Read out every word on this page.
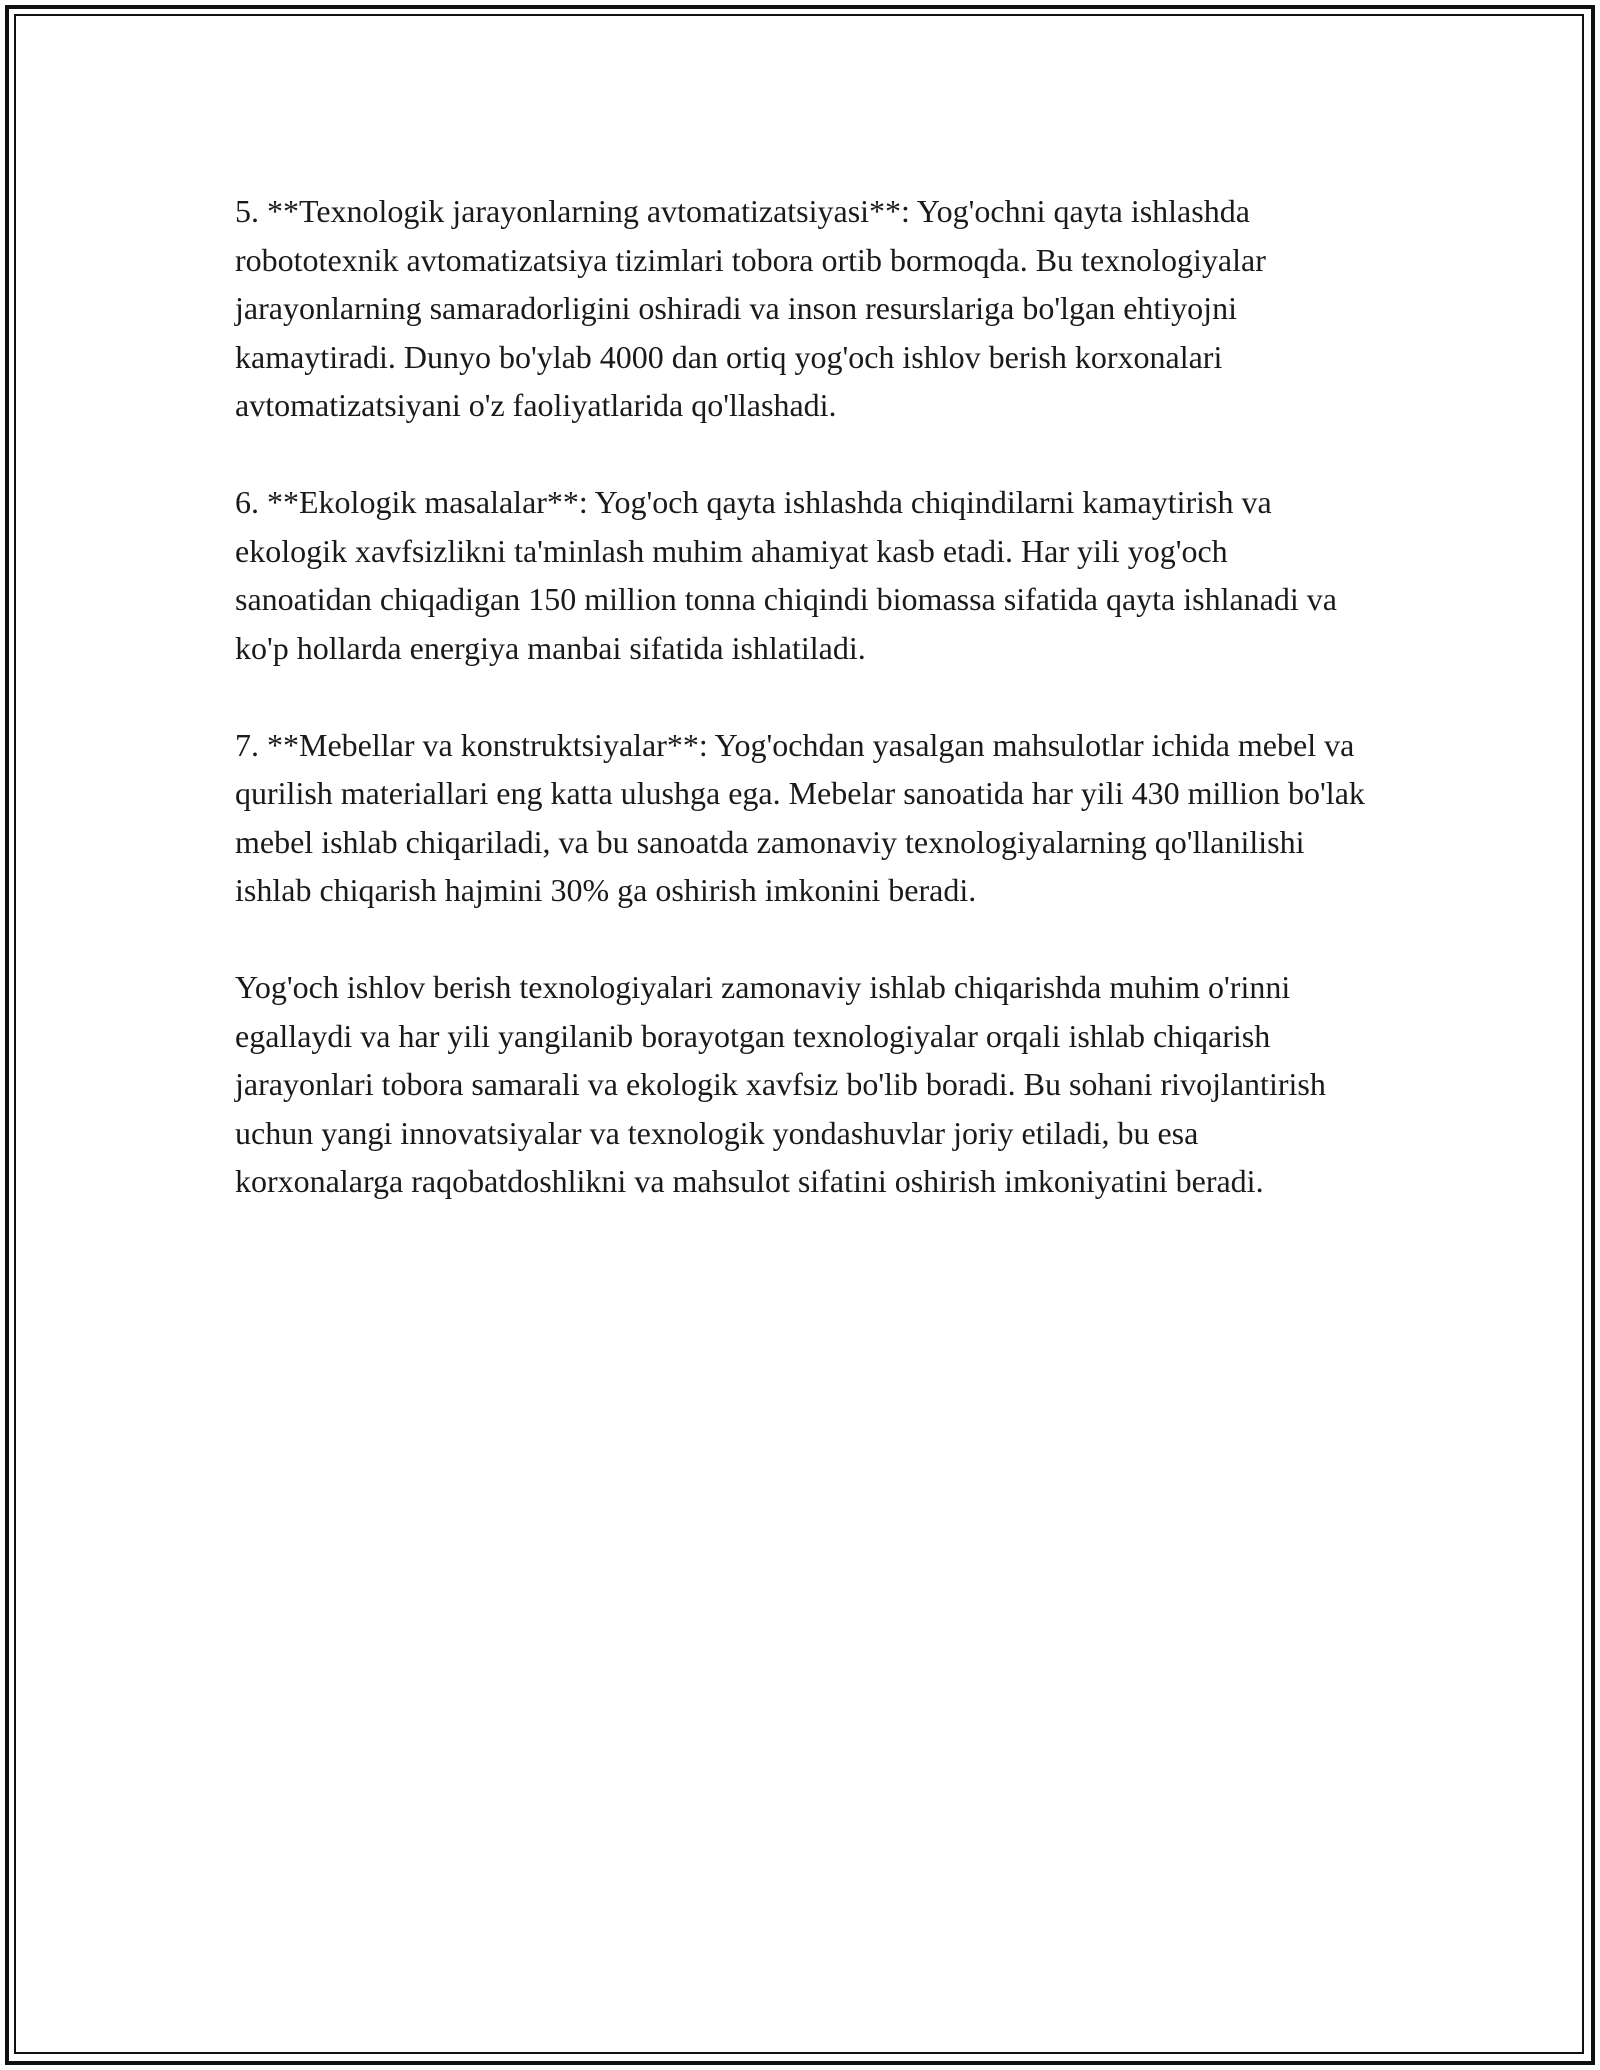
5. **Texnologik jarayonlarning avtomatizatsiyasi**: Yog'ochni qayta ishlashda robototexnik avtomatizatsiya tizimlari tobora ortib bormoqda. Bu texnologiyalar jarayonlarning samaradorligini oshiradi va inson resurslariga bo'lgan ehtiyojni kamaytiradi. Dunyo bo'ylab 4000 dan ortiq yog'och ishlov berish korxonalari avtomatizatsiyani o'z faoliyatlarida qo'llashadi.

6. **Ekologik masalalar**: Yog'och qayta ishlashda chiqindilarni kamaytirish va ekologik xavfsizlikni ta'minlash muhim ahamiyat kasb etadi. Har yili yog'och sanoatidan chiqadigan 150 million tonna chiqindi biomassa sifatida qayta ishlanadi va ko'p hollarda energiya manbai sifatida ishlatiladi.

7. **Mebellar va konstruktsiyalar**: Yog'ochdan yasalgan mahsulotlar ichida mebel va qurilish materiallari eng katta ulushga ega. Mebelar sanoatida har yili 430 million bo'lak mebel ishlab chiqariladi, va bu sanoatda zamonaviy texnologiyalarning qo'llanilishi ishlab chiqarish hajmini 30% ga oshirish imkonini beradi.

Yog'och ishlov berish texnologiyalari zamonaviy ishlab chiqarishda muhim o'rinni egallaydi va har yili yangilanib borayotgan texnologiyalar orqali ishlab chiqarish jarayonlari tobora samarali va ekologik xavfsiz bo'lib boradi. Bu sohani rivojlantirish uchun yangi innovatsiyalar va texnologik yondashuvlar joriy etiladi, bu esa korxonalarga raqobatdoshlikni va mahsulot sifatini oshirish imkoniyatini beradi.
